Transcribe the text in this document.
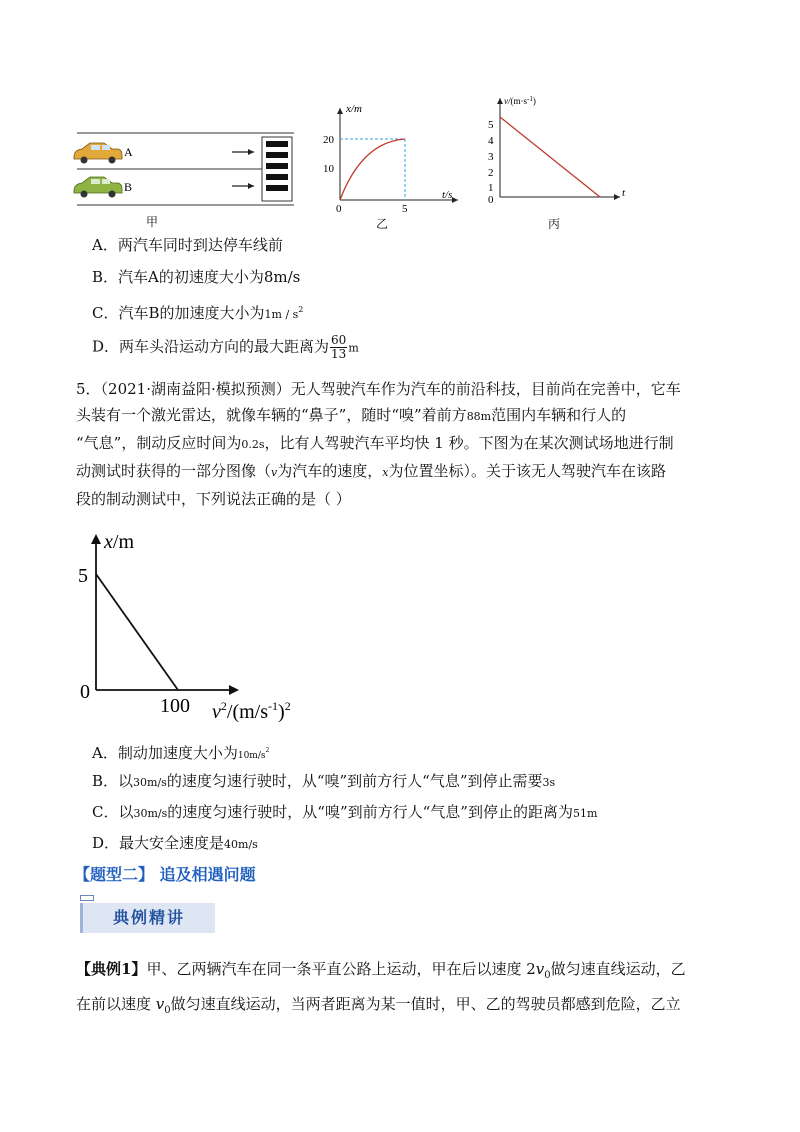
A
B
甲
x/m
20
10
0	5
t/s
乙
$v/(m\cdot s^{-1})$
5
4
3
2
1
0
t
丙
A．两汽车同时到达停车线前
B．汽车A的初速度大小为8m/s
C．汽车B的加速度大小为$1m / s^2$
D．两车头沿运动方向的最大距离为 $\frac{60}{13}$ m
5．（2021·湖南益阳·模拟预测）无人驾驶汽车作为汽车的前沿科技，目前尚在完善中，它车
头装有一个激光雷达，就像车辆的“鼻子”，随时“嗅”着前方88m范围内车辆和行人的
“气息”，制动反应时间为0.2s，比有人驾驶汽车平均快 1 秒。下图为在某次测试场地进行制
动测试时获得的一部分图像（v为汽车的速度，x为位置坐标）。关于该无人驾驶汽车在该路
段的制动测试中，下列说法正确的是（ ）
x/m
5
0
100 $v^2/(m/s^{-1})^2$
A．制动加速度大小为$10m/s^2$
B．以30m/s的速度匀速行驶时，从“嗅”到前方行人“气息”到停止需要3s
C．以30m/s的速度匀速行驶时，从“嗅”到前方行人“气息”到停止的距离为51m
D．最大安全速度是40m/s
【题型二】 追及相遇问题
典例精讲
【典例1】甲、乙两辆汽车在同一条平直公路上运动，甲在后以速度 $2v_0$做匀速直线运动，乙
在前以速度 $v_0$做匀速直线运动，当两者距离为某一值时，甲、乙的驾驶员都感到危险，乙立
